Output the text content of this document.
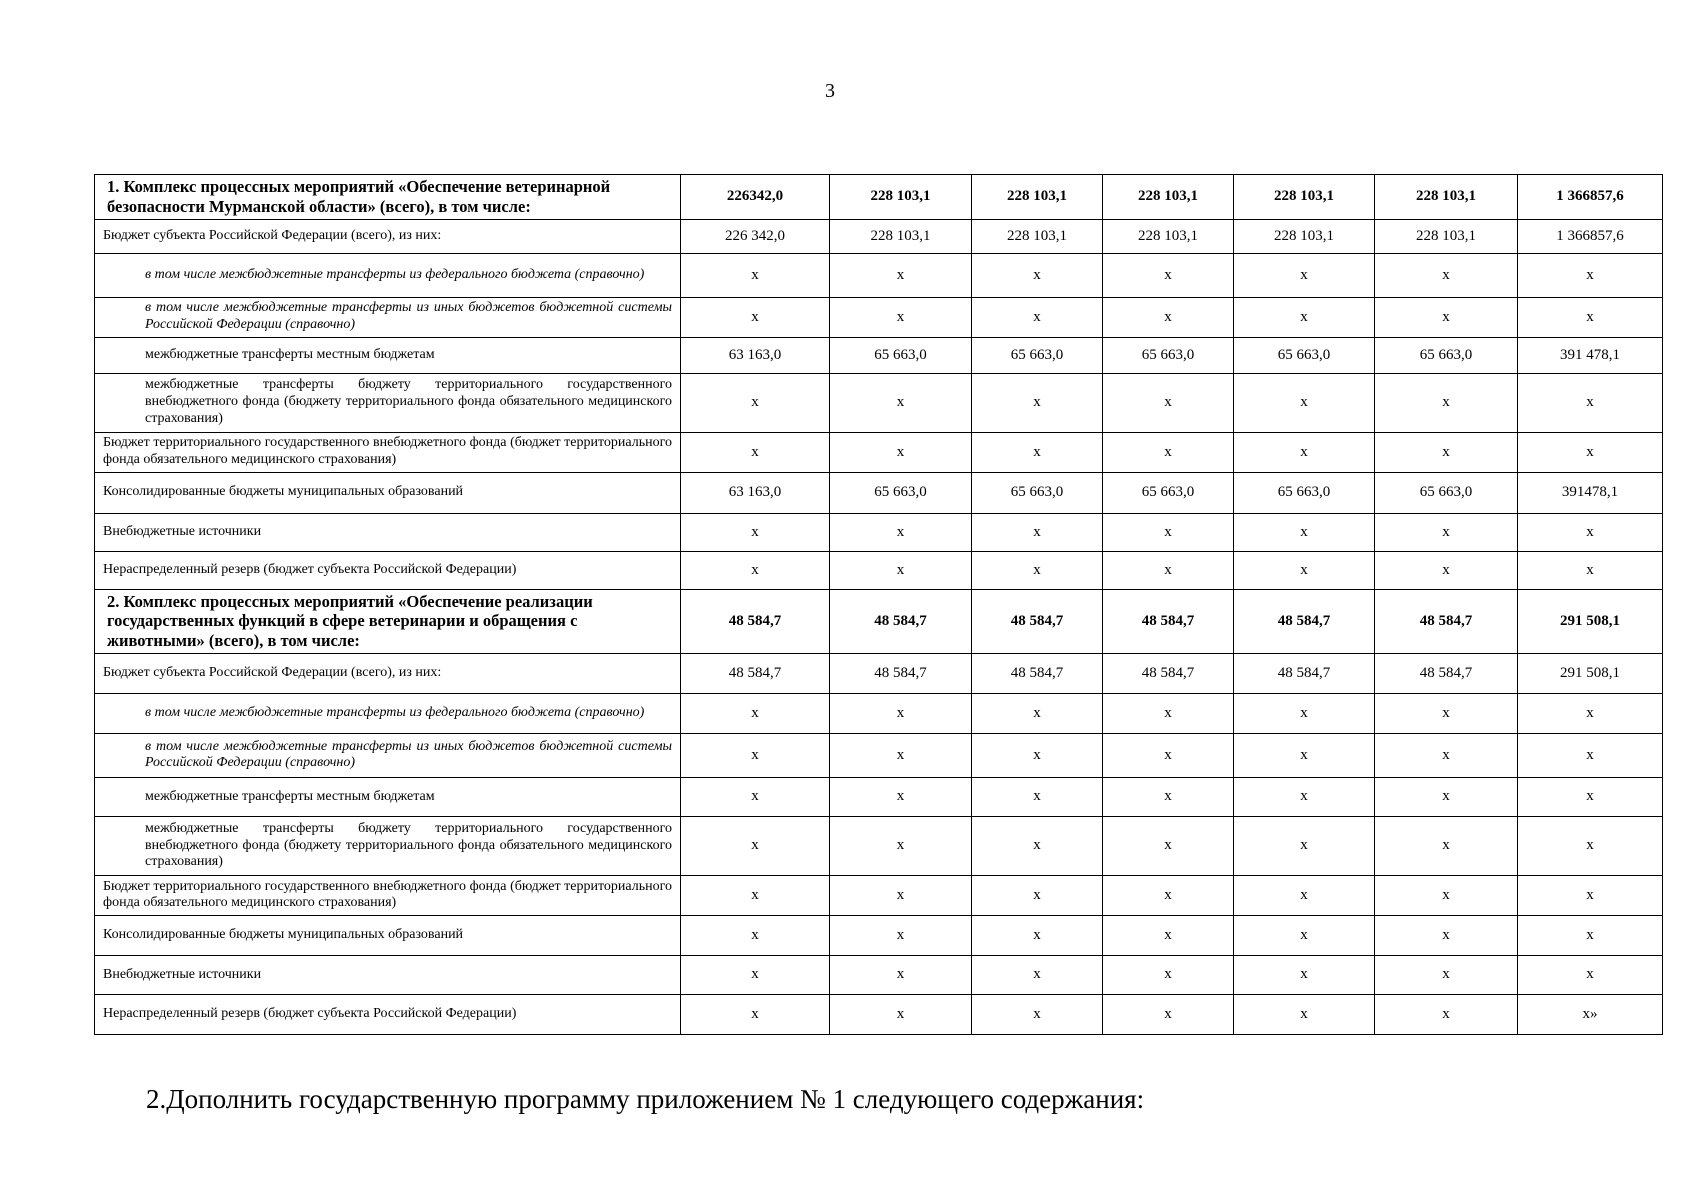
3
1. Комплекс процессных мероприятий «Обеспечение ветеринарной безопасности Мурманской области» (всего), в том числе:	226342,0	228 103,1	228 103,1	228 103,1	228 103,1	228 103,1	1 366857,6
Бюджет субъекта Российской Федерации (всего), из них:	226 342,0	228 103,1	228 103,1	228 103,1	228 103,1	228 103,1	1 366857,6
в том числе межбюджетные трансферты из федерального бюджета (справочно)	х	х	х	х	х	х	х
в том числе межбюджетные трансферты из иных бюджетов бюджетной системы Российской Федерации (справочно)	х	х	х	х	х	х	х
межбюджетные трансферты местным бюджетам	63 163,0	65 663,0	65 663,0	65 663,0	65 663,0	65 663,0	391 478,1
межбюджетные трансферты бюджету территориального государственного внебюджетного фонда (бюджету территориального фонда обязательного медицинского страхования)	х	х	х	х	х	х	х
Бюджет территориального государственного внебюджетного фонда (бюджет территориального фонда обязательного медицинского страхования)	х	х	х	х	х	х	х
Консолидированные бюджеты муниципальных образований	63 163,0	65 663,0	65 663,0	65 663,0	65 663,0	65 663,0	391478,1
Внебюджетные источники	х	х	х	х	х	х	х
Нераспределенный резерв (бюджет субъекта Российской Федерации)	х	х	х	х	х	х	х
2. Комплекс процессных мероприятий «Обеспечение реализации государственных функций в сфере ветеринарии и обращения с животными» (всего), в том числе:	48 584,7	48 584,7	48 584,7	48 584,7	48 584,7	48 584,7	291 508,1
Бюджет субъекта Российской Федерации (всего), из них:	48 584,7	48 584,7	48 584,7	48 584,7	48 584,7	48 584,7	291 508,1
в том числе межбюджетные трансферты из федерального бюджета (справочно)	х	х	х	х	х	х	х
в том числе межбюджетные трансферты из иных бюджетов бюджетной системы Российской Федерации (справочно)	х	х	х	х	х	х	х
межбюджетные трансферты местным бюджетам	х	х	х	х	х	х	х
межбюджетные трансферты бюджету территориального государственного внебюджетного фонда (бюджету территориального фонда обязательного медицинского страхования)	х	х	х	х	х	х	х
Бюджет территориального государственного внебюджетного фонда (бюджет территориального фонда обязательного медицинского страхования)	х	х	х	х	х	х	х
Консолидированные бюджеты муниципальных образований	х	х	х	х	х	х	х
Внебюджетные источники	х	х	х	х	х	х	х
Нераспределенный резерв (бюджет субъекта Российской Федерации)	х	х	х	х	х	х	х»
2.Дополнить государственную программу приложением № 1 следующего содержания:
